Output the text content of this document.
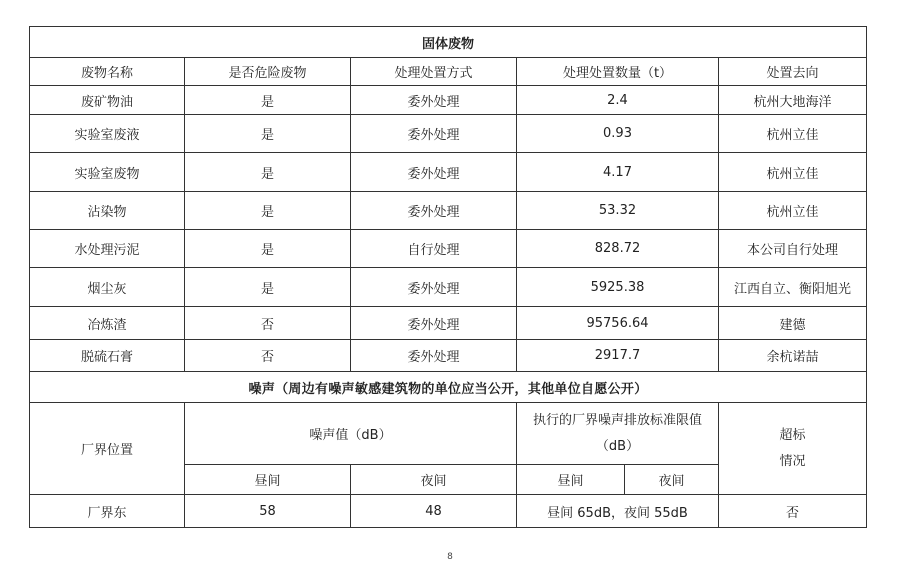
固体废物					
废物名称	是否危险废物	处理处置方式	处理处置数量（t）		处置去向
废矿物油	是	委外处理	2.4		杭州大地海洋
实验室废液	是	委外处理	0.93		杭州立佳
实验室废物	是	委外处理	4.17		杭州立佳
沾染物	是	委外处理	53.32		杭州立佳
水处理污泥	是	自行处理	828.72		本公司自行处理
烟尘灰	是	委外处理	5925.38		江西自立、衡阳旭光
冶炼渣	否	委外处理	95756.64		建德
脱硫石膏	否	委外处理	2917.7		余杭诺喆
噪声（周边有噪声敏感建筑物的单位应当公开，其他单位自愿公开）					
厂界位置	噪声值（dB）		执行的厂界噪声排放标准限值（dB）		超标情况
	昼间	夜间	昼间	夜间	
厂界东	58	48	昼间 65dB，夜间 55dB		否
8
